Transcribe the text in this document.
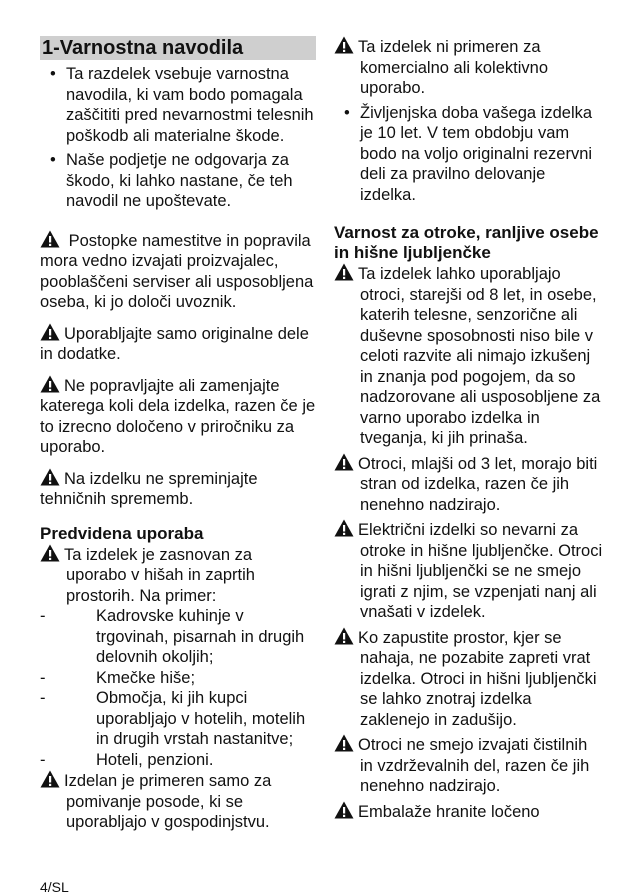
1-Varnostna navodila
• Ta razdelek vsebuje varnostna navodila, ki vam bodo pomagala zaščititi pred nevarnostmi telesnih poškodb ali materialne škode.
• Naše podjetje ne odgovarja za škodo, ki lahko nastane, če teh navodil ne upoštevate.

Postopke namestitve in popravila mora vedno izvajati proizvajalec, pooblaščeni serviser ali usposobljena oseba, ki jo določi uvoznik.

Uporabljajte samo originalne dele in dodatke.

Ne popravljajte ali zamenjajte katerega koli dela izdelka, razen če je to izrecno določeno v priročniku za uporabo.

Na izdelku ne spreminjajte tehničnih sprememb.

Predvidena uporaba

Ta izdelek je zasnovan za uporabo v hišah in zaprtih prostorih. Na primer:

-	Kadrovske kuhinje v trgovinah, pisarnah in drugih delovnih okoljih;
-	Kmečke hiše;
-	Območja, ki jih kupci uporabljajo v hotelih, motelih in drugih vrstah nastanitve;
-	Hoteli, penzioni.

Izdelan je primeren samo za pomivanje posode, ki se uporabljajo v gospodinjstvu.

Ta izdelek ni primeren za komercialno ali kolektivno uporabo.

• Življenjska doba vašega izdelka je 10 let. V tem obdobju vam bodo na voljo originalni rezervni deli za pravilno delovanje izdelka.
Varnost za otroke, ranljive osebe in hišne ljubljenčke

Ta izdelek lahko uporabljajo otroci, starejši od 8 let, in osebe, katerih telesne, senzorične ali duševne sposobnosti niso bile v celoti razvite ali nimajo izkušenj in znanja pod pogojem, da so nadzorovane ali usposobljene za varno uporabo izdelka in tveganja, ki jih prinaša.

Otroci, mlajši od 3 let, morajo biti stran od izdelka, razen če jih nenehno nadzirajo.

Električni izdelki so nevarni za otroke in hišne ljubljenčke. Otroci in hišni ljubljenčki se ne smejo igrati z njim, se vzpenjati nanj ali vnašati v izdelek.

Ko zapustite prostor, kjer se nahaja, ne pozabite zapreti vrat izdelka. Otroci in hišni ljubljenčki se lahko znotraj izdelka zaklenejo in zadušijo.

Otroci ne smejo izvajati čistilnih in vzdrževalnih del, razen če jih nenehno nadzirajo.

Embalaže hranite ločeno

4/SL
